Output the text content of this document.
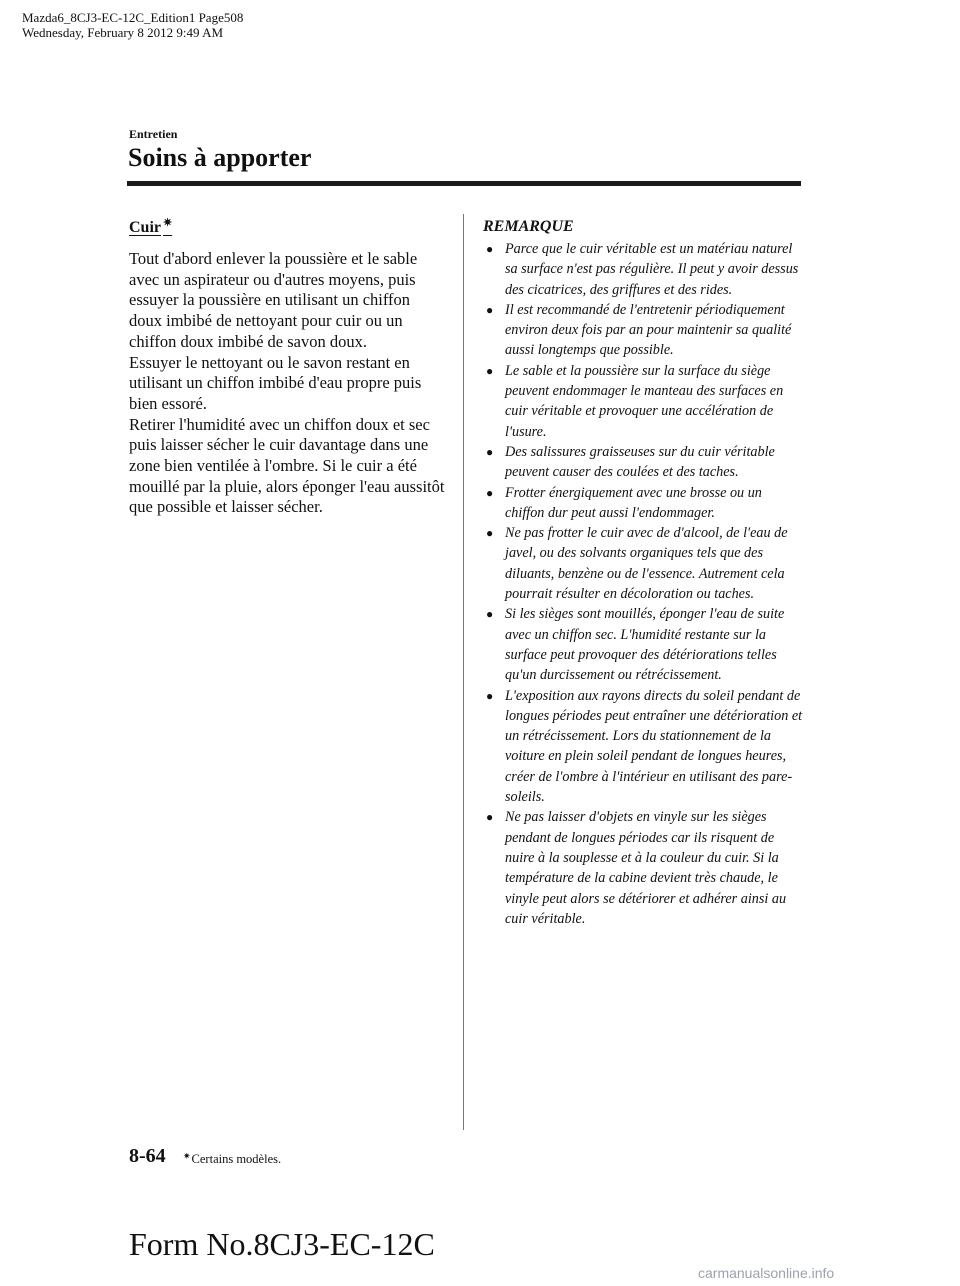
Mazda6_8CJ3-EC-12C_Edition1 Page508
Wednesday, February 8 2012 9:49 AM
Entretien
Soins à apporter
Cuir ✷

Tout d'abord enlever la poussière et le sable avec un aspirateur ou d'autres moyens, puis essuyer la poussière en utilisant un chiffon doux imbibé de nettoyant pour cuir ou un chiffon doux imbibé de savon doux.

Essuyer le nettoyant ou le savon restant en utilisant un chiffon imbibé d'eau propre puis bien essoré.

Retirer l'humidité avec un chiffon doux et sec puis laisser sécher le cuir davantage dans une zone bien ventilée à l'ombre. Si le cuir a été mouillé par la pluie, alors éponger l'eau aussitôt que possible et laisser sécher.

REMARQUE
● Parce que le cuir véritable est un matériau naturel sa surface n'est pas régulière. Il peut y avoir dessus des cicatrices, des griffures et des rides.
● Il est recommandé de l'entretenir périodiquement environ deux fois par an pour maintenir sa qualité aussi longtemps que possible.
● Le sable et la poussière sur la surface du siège peuvent endommager le manteau des surfaces en cuir véritable et provoquer une accélération de l'usure.
● Des salissures graisseuses sur du cuir véritable peuvent causer des coulées et des taches.
● Frotter énergiquement avec une brosse ou un chiffon dur peut aussi l'endommager.
● Ne pas frotter le cuir avec de d'alcool, de l'eau de javel, ou des solvants organiques tels que des diluants, benzène ou de l'essence. Autrement cela pourrait résulter en décoloration ou taches.
● Si les sièges sont mouillés, éponger l'eau de suite avec un chiffon sec. L'humidité restante sur la surface peut provoquer des détériorations telles qu'un durcissement ou rétrécissement.
● L'exposition aux rayons directs du soleil pendant de longues périodes peut entraîner une détérioration et un rétrécissement. Lors du stationnement de la voiture en plein soleil pendant de longues heures, créer de l'ombre à l'intérieur en utilisant des pare-soleils.
● Ne pas laisser d'objets en vinyle sur les sièges pendant de longues périodes car ils risquent de nuire à la souplesse et à la couleur du cuir. Si la température de la cabine devient très chaude, le vinyle peut alors se détériorer et adhérer ainsi au cuir véritable.
8-64 ✷Certains modèles.
Form No.8CJ3-EC-12C
carmanualsonline.info
